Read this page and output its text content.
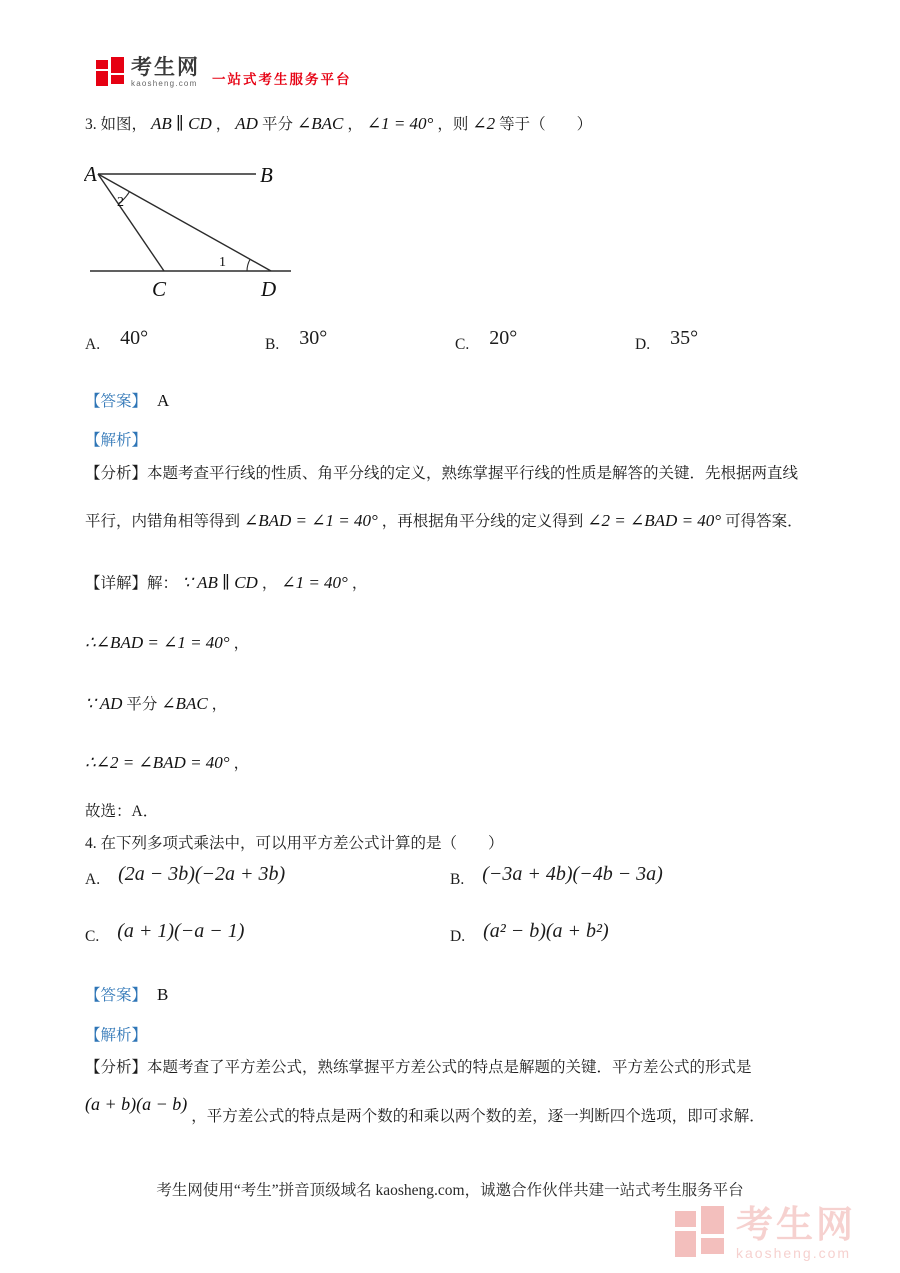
考生网
kaosheng.com 一站式考生服务平台
3. 如图， AB ∥ CD ， AD 平分 ∠BAC ， ∠1 = 40° ，则 ∠2 等于（　　）
A	B
C	D
2
1
A. 40°	B. 30°	C. 20°	D. 35°
【答案】 A
【解析】
【分析】本题考查平行线的性质、角平分线的定义，熟练掌握平行线的性质是解答的关键．先根据两直线
平行，内错角相等得到 ∠BAD = ∠1 = 40° ，再根据角平分线的定义得到 ∠2 = ∠BAD = 40° 可得答案．
【详解】解： ∵ AB ∥ CD ， ∠1 = 40° ，
∴∠BAD = ∠1 = 40° ，
∵ AD 平分 ∠BAC ，
∴∠2 = ∠BAD = 40° ，
故选：A．
4. 在下列多项式乘法中，可以用平方差公式计算的是（　　）
A. (2a − 3b)(−2a + 3b)	B. (−3a + 4b)(−4b − 3a)
C. (a + 1)(−a − 1)	D. (a² − b)(a + b²)
【答案】 B
【解析】
【分析】本题考查了平方差公式，熟练掌握平方差公式的特点是解题的关键．平方差公式的形式是
(a + b)(a − b) ，平方差公式的特点是两个数的和乘以两个数的差，逐一判断四个选项，即可求解．
考生网使用“考生”拼音顶级域名 kaosheng.com，诚邀合作伙伴共建一站式考生服务平台
考生网
kaosheng.com
